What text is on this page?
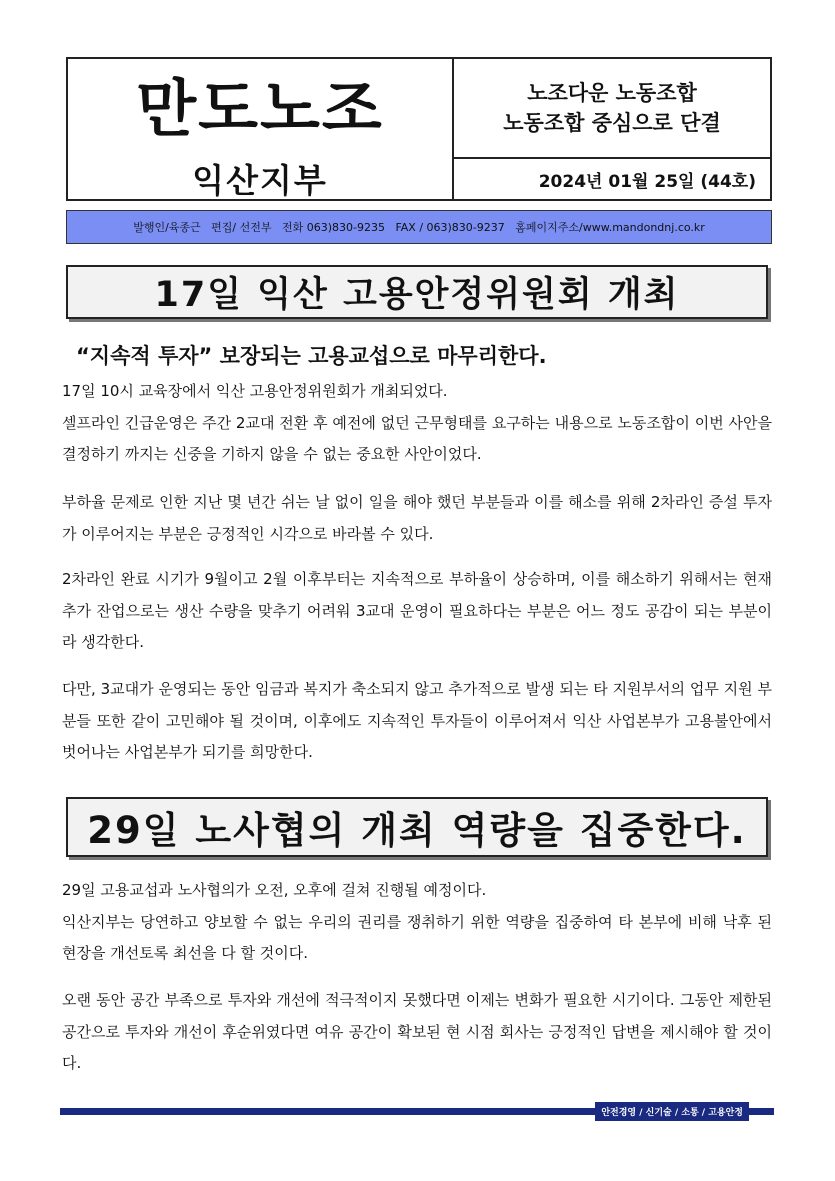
만도노조
익산지부
노조다운 노동조합
노동조합 중심으로 단결
2024년 01월 25일 (44호)
발행인/육종근   편집/ 선전부   전화 063)830-9235   FAX / 063)830-9237   홈페이지주소/www.mandondnj.co.kr
17일 익산 고용안정위원회 개최
“지속적 투자” 보장되는 고용교섭으로 마무리한다.

17일 10시 교육장에서 익산 고용안정위원회가 개최되었다.
셀프라인 긴급운영은 주간 2교대 전환 후 예전에 없던 근무형태를 요구하는 내용으로 노동조합이 이번 사안을 결정하기 까지는 신중을 기하지 않을 수 없는 중요한 사안이었다.

부하율 문제로 인한 지난 몇 년간 쉬는 날 없이 일을 해야 했던 부분들과 이를 해소를 위해 2차라인 증설 투자가 이루어지는 부분은 긍정적인 시각으로 바라볼 수 있다.

2차라인 완료 시기가 9월이고 2월 이후부터는 지속적으로 부하율이 상승하며, 이를 해소하기 위해서는 현재 추가 잔업으로는 생산 수량을 맞추기 어려워 3교대 운영이 필요하다는 부분은 어느 정도 공감이 되는 부분이라 생각한다.

다만, 3교대가 운영되는 동안 임금과 복지가 축소되지 않고 추가적으로 발생 되는 타 지원부서의 업무 지원 부분들 또한 같이 고민해야 될 것이며, 이후에도 지속적인 투자들이 이루어져서 익산 사업본부가 고용불안에서 벗어나는 사업본부가 되기를 희망한다.

29일 노사협의 개최 역량을 집중한다.

29일 고용교섭과 노사협의가 오전, 오후에 걸쳐 진행될 예정이다.
익산지부는 당연하고 양보할 수 없는 우리의 권리를 쟁취하기 위한 역량을 집중하여 타 본부에 비해 낙후 된 현장을 개선토록 최선을 다 할 것이다.

오랜 동안 공간 부족으로 투자와 개선에 적극적이지 못했다면 이제는 변화가 필요한 시기이다. 그동안 제한된 공간으로 투자와 개선이 후순위였다면 여유 공간이 확보된 현 시점 회사는 긍정적인 답변을 제시해야 할 것이다.

안전경영 / 신기술 / 소통 / 고용안정
